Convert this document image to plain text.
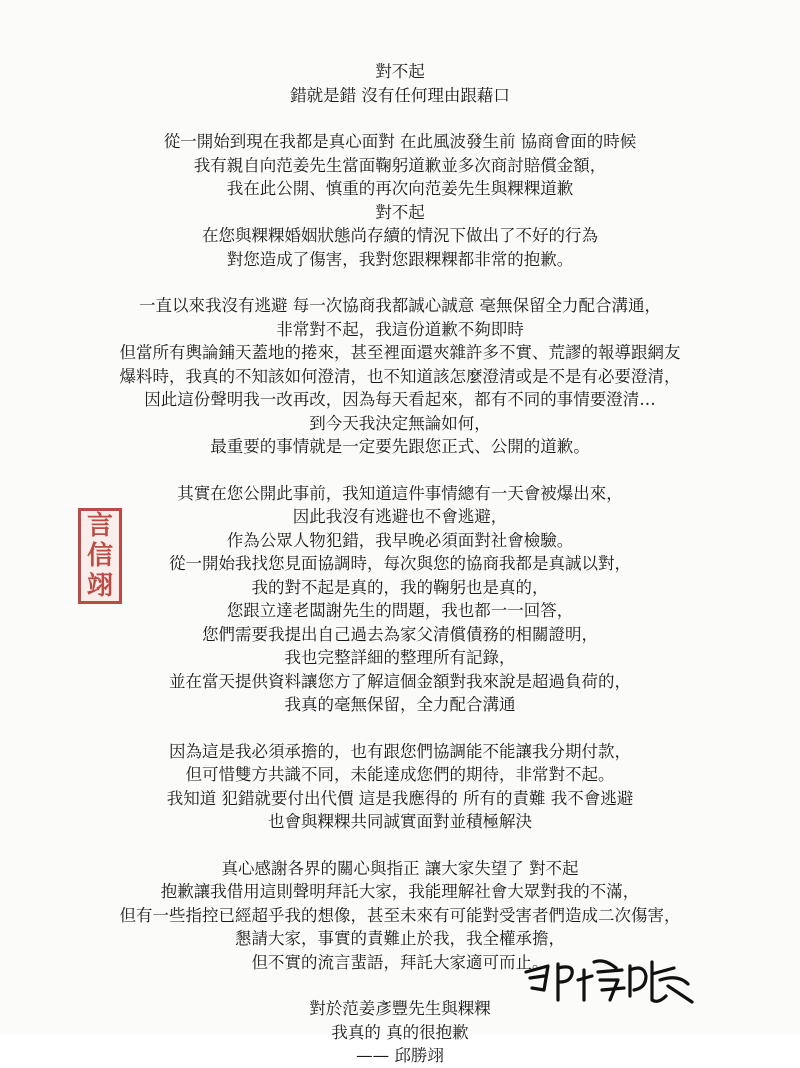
對不起
錯就是錯 沒有任何理由跟藉口
從一開始到現在我都是真心面對 在此風波發生前 協商會面的時候
我有親自向范姜先生當面鞠躬道歉並多次商討賠償金額，
我在此公開、慎重的再次向范姜先生與粿粿道歉
對不起
在您與粿粿婚姻狀態尚存續的情況下做出了不好的行為
對您造成了傷害，我對您跟粿粿都非常的抱歉。
一直以來我沒有逃避 每一次協商我都誠心誠意 毫無保留全力配合溝通，
非常對不起，我這份道歉不夠即時
但當所有輿論鋪天蓋地的捲來，甚至裡面還夾雜許多不實、荒謬的報導跟網友
爆料時，我真的不知該如何澄清，也不知道該怎麼澄清或是不是有必要澄清，
因此這份聲明我一改再改，因為每天看起來，都有不同的事情要澄清…
到今天我決定無論如何，
最重要的事情就是一定要先跟您正式、公開的道歉。
其實在您公開此事前，我知道這件事情總有一天會被爆出來，
因此我沒有逃避也不會逃避，
作為公眾人物犯錯，我早晚必須面對社會檢驗。
從一開始我找您見面協調時，每次與您的協商我都是真誠以對，
我的對不起是真的，我的鞠躬也是真的，
您跟立達老闆謝先生的問題，我也都一一回答，
您們需要我提出自己過去為家父清償債務的相關證明，
我也完整詳細的整理所有記錄，
並在當天提供資料讓您方了解這個金額對我來說是超過負荷的，
我真的毫無保留，全力配合溝通
因為這是我必須承擔的，也有跟您們協調能不能讓我分期付款，
但可惜雙方共識不同，未能達成您們的期待，非常對不起。
我知道 犯錯就要付出代價 這是我應得的 所有的責難 我不會逃避
也會與粿粿共同誠實面對並積極解決
真心感謝各界的關心與指正 讓大家失望了 對不起
抱歉讓我借用這則聲明拜託大家，我能理解社會大眾對我的不滿，
但有一些指控已經超乎我的想像，甚至未來有可能對受害者們造成二次傷害，
懇請大家，事實的責難止於我，我全權承擔，
但不實的流言蜚語，拜託大家適可而止。
對於范姜彥豐先生與粿粿
我真的 真的很抱歉
—— 邱勝翊
言
信
翊
